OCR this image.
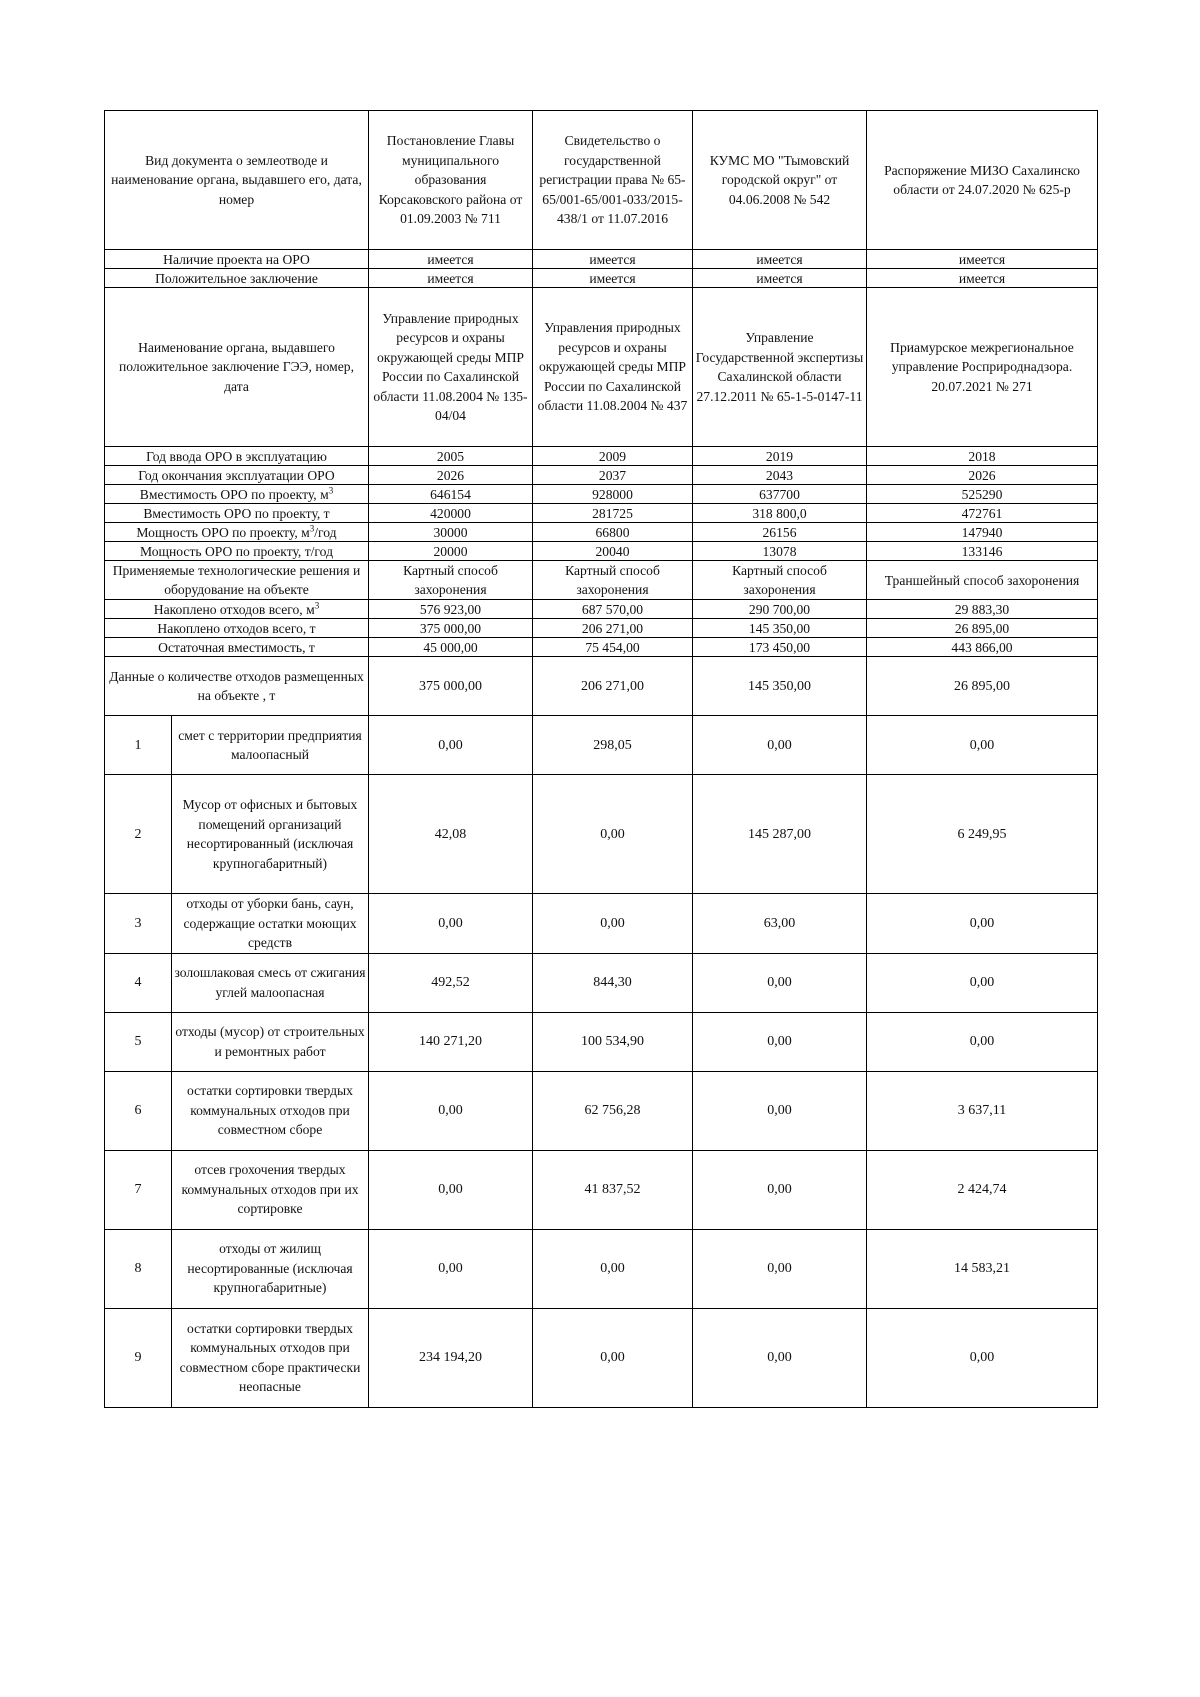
Вид документа о землеотводе и наименование органа, выдавшего его, дата, номер		Постановление Главы муниципального образования Корсаковского района от 01.09.2003 № 711	Свидетельство о государственной регистрации права № 65-65/001-65/001-033/2015-438/1 от 11.07.2016	КУМС МО "Тымовский городской округ" от 04.06.2008 № 542	Распоряжение МИЗО Сахалинско области от 24.07.2020 № 625-р
Наличие проекта на ОРО		имеется	имеется	имеется	имеется
Положительное заключение		имеется	имеется	имеется	имеется
Наименование органа, выдавшего положительное заключение ГЭЭ, номер, дата		Управление природных ресурсов и охраны окружающей среды МПР России по Сахалинской области 11.08.2004 № 135-04/04	Управления природных ресурсов и охраны окружающей среды МПР России по Сахалинской области 11.08.2004 № 437	Управление Государственной экспертизы Сахалинской области 27.12.2011 № 65-1-5-0147-11	Приамурское межрегиональное управление Росприроднадзора. 20.07.2021 № 271
Год ввода ОРО в эксплуатацию		2005	2009	2019	2018
Год окончания эксплуатации ОРО		2026	2037	2043	2026
Вместимость ОРО по проекту, $м^3$		646154	928000	637700	525290
Вместимость ОРО по проекту, т		420000	281725	318 800,0	472761
Мощность ОРО по проекту, $м^3$/год		30000	66800	26156	147940
Мощность ОРО по проекту, т/год		20000	20040	13078	133146
Применяемые технологические решения и оборудование на объекте		Картный способ захоронения	Картный способ захоронения	Картный способ захоронения	Траншейный способ захоронения
Накоплено отходов всего, $м^3$		576 923,00	687 570,00	290 700,00	29 883,30
Накоплено отходов всего, т		375 000,00	206 271,00	145 350,00	26 895,00
Остаточная вместимость, т		45 000,00	75 454,00	173 450,00	443 866,00
Данные о количестве отходов размещенных на объекте , т		375 000,00	206 271,00	145 350,00	26 895,00
1	смет с территории предприятия малоопасный	0,00	298,05	0,00	0,00
2	Мусор от офисных и бытовых помещений организаций несортированный (исключая крупногабаритный)	42,08	0,00	145 287,00	6 249,95
3	отходы от уборки бань, саун, содержащие остатки моющих средств	0,00	0,00	63,00	0,00
4	золошлаковая смесь от сжигания углей малоопасная	492,52	844,30	0,00	0,00
5	отходы (мусор) от строительных и ремонтных работ	140 271,20	100 534,90	0,00	0,00
6	остатки сортировки твердых коммунальных отходов при совместном сборе	0,00	62 756,28	0,00	3 637,11
7	отсев грохочения твердых коммунальных отходов при их сортировке	0,00	41 837,52	0,00	2 424,74
8	отходы от жилищ несортированные (исключая крупногабаритные)	0,00	0,00	0,00	14 583,21
9	остатки сортировки твердых коммунальных отходов при совместном сборе практически неопасные	234 194,20	0,00	0,00	0,00
